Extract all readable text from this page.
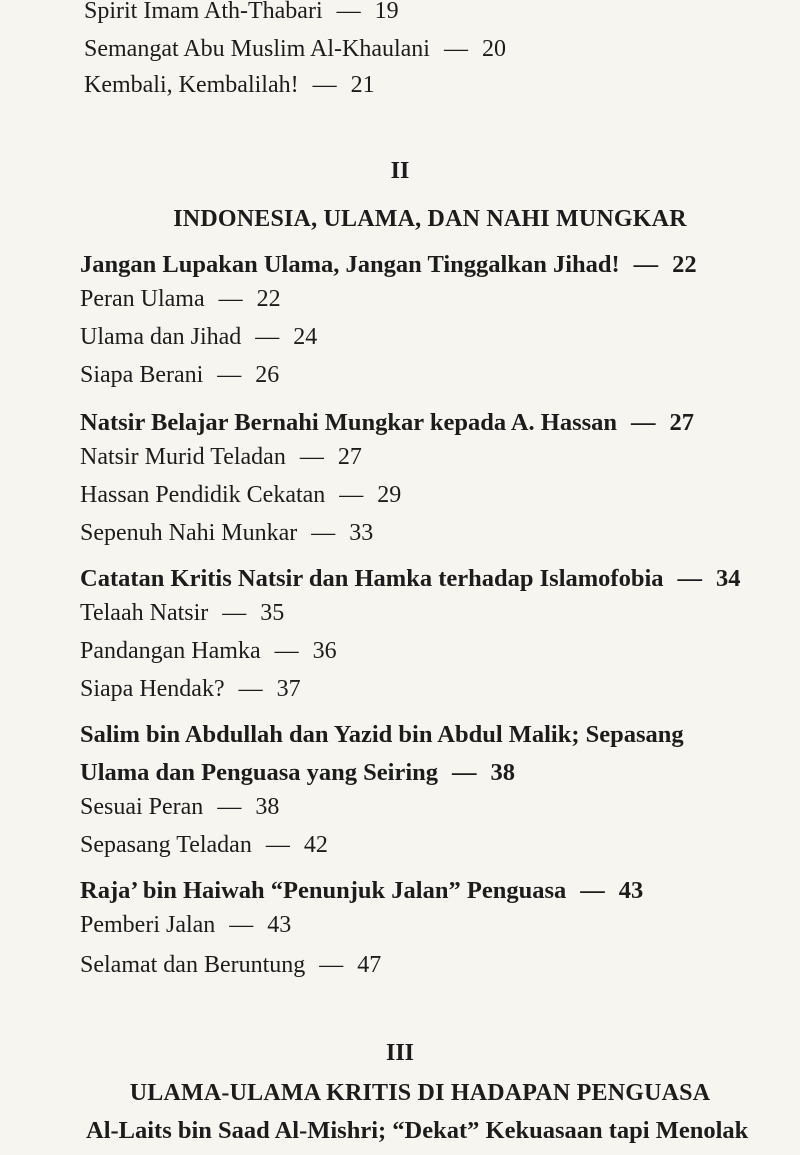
Spirit Imam Ath-Thabari — 19
Semangat Abu Muslim Al-Khaulani — 20
Kembali, Kembalilah! — 21
II
INDONESIA, ULAMA, DAN NAHI MUNGKAR
Jangan Lupakan Ulama, Jangan Tinggalkan Jihad! — 22
Peran Ulama — 22
Ulama dan Jihad — 24
Siapa Berani — 26
Natsir Belajar Bernahi Mungkar kepada A. Hassan — 27
Natsir Murid Teladan — 27
Hassan Pendidik Cekatan — 29
Sepenuh Nahi Munkar — 33
Catatan Kritis Natsir dan Hamka terhadap Islamofobia — 34
Telaah Natsir — 35
Pandangan Hamka — 36
Siapa Hendak? — 37
Salim bin Abdullah dan Yazid bin Abdul Malik; Sepasang
Ulama dan Penguasa yang Seiring — 38
Sesuai Peran — 38
Sepasang Teladan — 42
Raja’ bin Haiwah “Penunjuk Jalan” Penguasa — 43
Pemberi Jalan — 43
Selamat dan Beruntung — 47
III
ULAMA-ULAMA KRITIS DI HADAPAN PENGUASA
Al-Laits bin Saad Al-Mishri; “Dekat” Kekuasaan tapi Menolak
